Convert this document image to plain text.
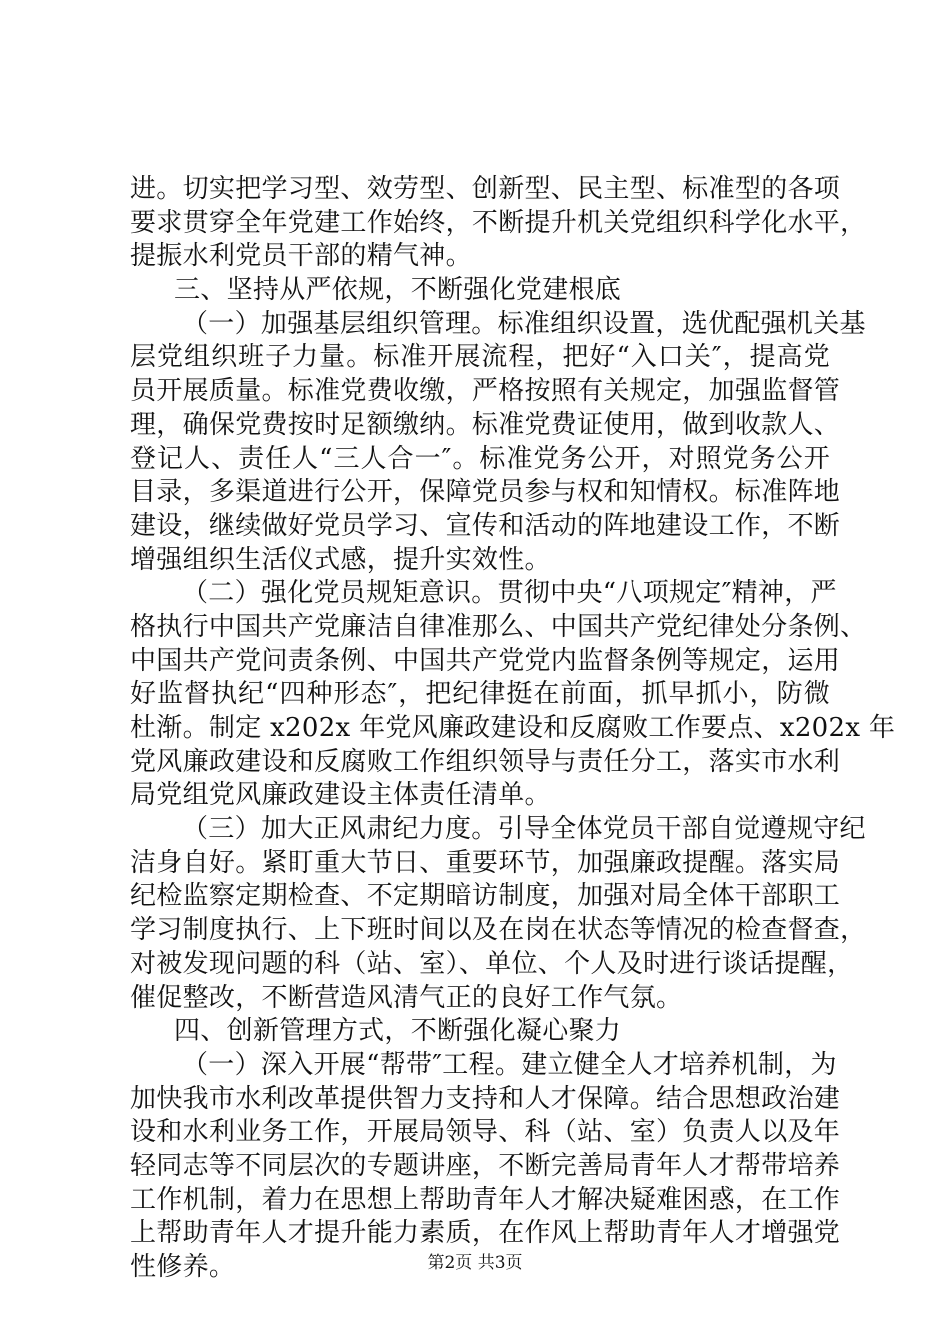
进。切实把学习型、效劳型、创新型、民主型、标准型的各项
要求贯穿全年党建工作始终，不断提升机关党组织科学化水平，
提振水利党员干部的精气神。
三、坚持从严依规，不断强化党建根底
（一）加强基层组织管理。标准组织设置，选优配强机关基
层党组织班子力量。标准开展流程，把好“入口关″，提高党
员开展质量。标准党费收缴，严格按照有关规定，加强监督管
理，确保党费按时足额缴纳。标准党费证使用，做到收款人、
登记人、责任人“三人合一″。标准党务公开，对照党务公开
目录，多渠道进行公开，保障党员参与权和知情权。标准阵地
建设，继续做好党员学习、宣传和活动的阵地建设工作，不断
增强组织生活仪式感，提升实效性。
（二）强化党员规矩意识。贯彻中央“八项规定″精神，严
格执行中国共产党廉洁自律准那么、中国共产党纪律处分条例、
中国共产党问责条例、中国共产党党内监督条例等规定，运用
好监督执纪“四种形态″，把纪律挺在前面，抓早抓小，防微
杜渐。制定 x202x 年党风廉政建设和反腐败工作要点、x202x 年
党风廉政建设和反腐败工作组织领导与责任分工，落实市水利
局党组党风廉政建设主体责任清单。
（三）加大正风肃纪力度。引导全体党员干部自觉遵规守纪
洁身自好。紧盯重大节日、重要环节，加强廉政提醒。落实局
纪检监察定期检查、不定期暗访制度，加强对局全体干部职工
学习制度执行、上下班时间以及在岗在状态等情况的检查督查，
对被发现问题的科（站、室）、单位、个人及时进行谈话提醒，
催促整改，不断营造风清气正的良好工作气氛。
四、创新管理方式，不断强化凝心聚力
（一）深入开展“帮带″工程。建立健全人才培养机制，为
加快我市水利改革提供智力支持和人才保障。结合思想政治建
设和水利业务工作，开展局领导、科（站、室）负责人以及年
轻同志等不同层次的专题讲座，不断完善局青年人才帮带培养
工作机制，着力在思想上帮助青年人才解决疑难困惑，在工作
上帮助青年人才提升能力素质，在作风上帮助青年人才增强党
性修养。	第2页 共3页
